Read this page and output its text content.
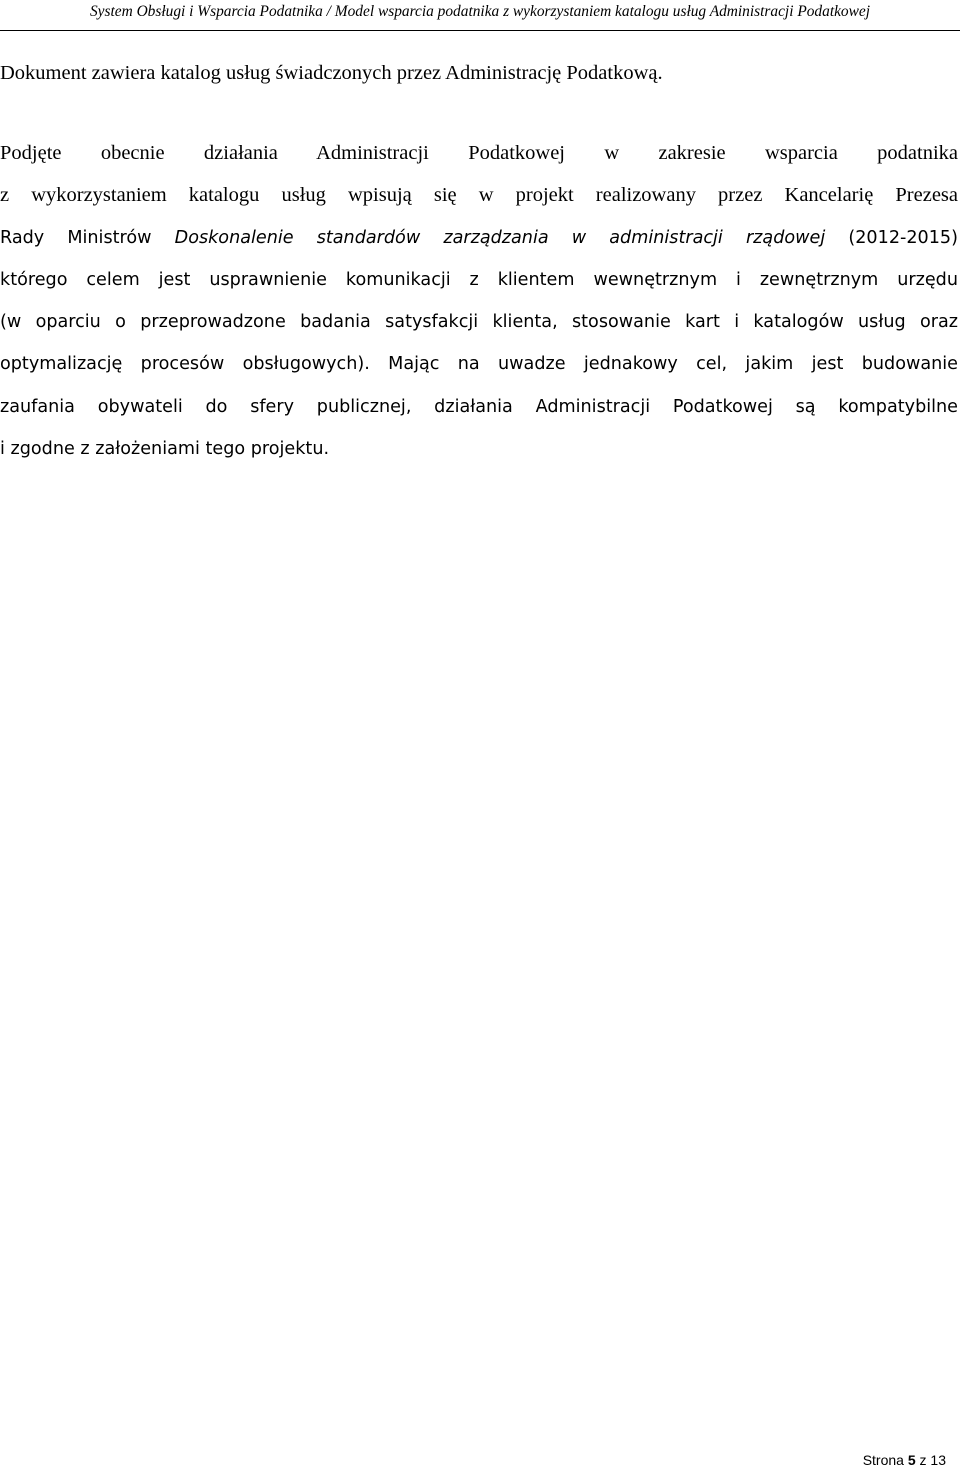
System Obsługi i Wsparcia Podatnika / Model wsparcia podatnika z wykorzystaniem katalogu usług Administracji Podatkowej

Dokument zawiera katalog usług świadczonych przez Administrację Podatkową.

Podjęte obecnie działania Administracji Podatkowej w zakresie wsparcia podatnika
z wykorzystaniem katalogu usług wpisują się w projekt realizowany przez Kancelarię Prezesa
Rady Ministrów Doskonalenie standardów zarządzania w administracji rządowej (2012-2015)
którego celem jest usprawnienie komunikacji z klientem wewnętrznym i zewnętrznym urzędu
(w oparciu o przeprowadzone badania satysfakcji klienta, stosowanie kart i katalogów usług oraz
optymalizację procesów obsługowych). Mając na uwadze jednakowy cel, jakim jest budowanie
zaufania obywateli do sfery publicznej, działania Administracji Podatkowej są kompatybilne
i zgodne z założeniami tego projektu.

Strona 5 z 13
